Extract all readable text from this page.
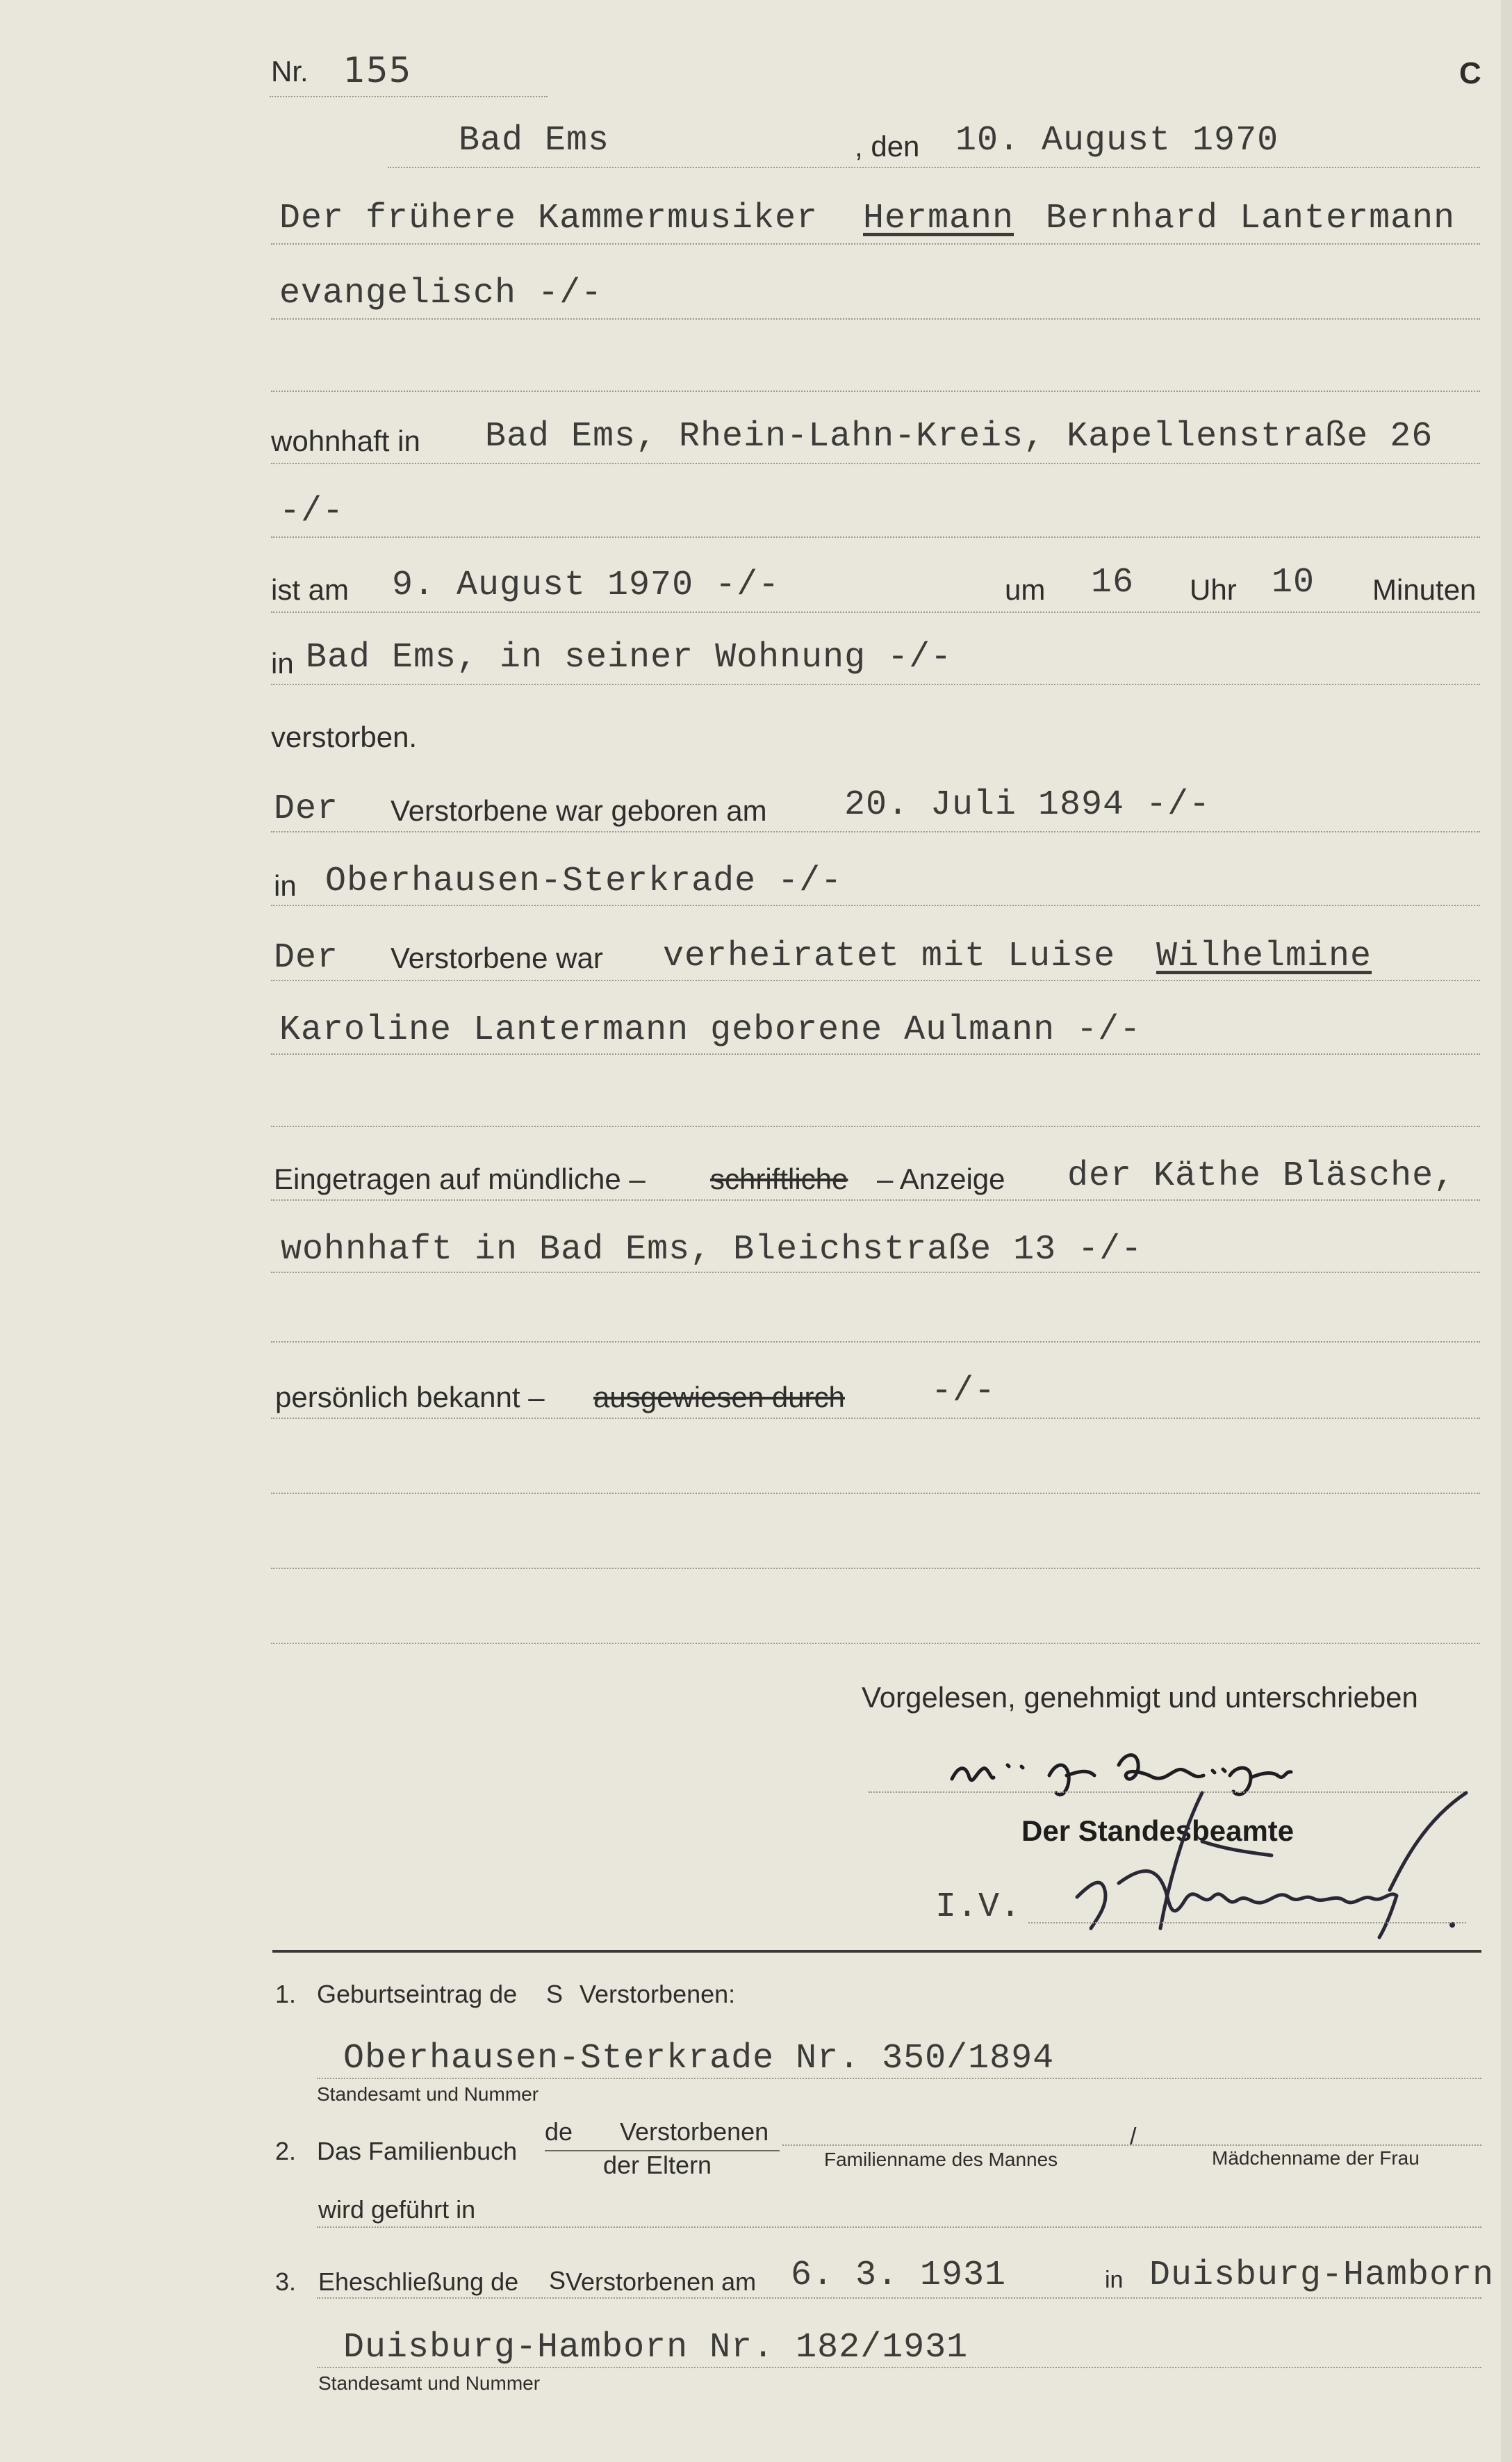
Nr. 155	C
Bad Ems	, den 10. August 1970
Der frühere Kammermusiker Hermann Bernhard Lantermann
evangelisch -/-
wohnhaft in Bad Ems, Rhein-Lahn-Kreis, Kapellenstraße 26
-/-
ist am 9. August 1970 -/-	um 16 Uhr 10 Minuten
in Bad Ems, in seiner Wohnung -/-
verstorben.
Der Verstorbene war geboren am 20. Juli 1894 -/-
in Oberhausen-Sterkrade -/-
Der Verstorbene war verheiratet mit Luise Wilhelmine
Karoline Lantermann geborene Aulmann -/-
Eingetragen auf mündliche – schriftliche – Anzeige der Käthe Bläsche,
wohnhaft in Bad Ems, Bleichstraße 13 -/-
persönlich bekannt – ausgewiesen durch -/-
Vorgelesen, genehmigt und unterschrieben
Der Standesbeamte
I.V.
1. Geburtseintrag de S Verstorbenen:
Oberhausen-Sterkrade Nr. 350/1894
Standesamt und Nummer
2. Das Familienbuch
de Verstorbenen
der Eltern	Familienname des Mannes
/
Mädchenname der Frau
wird geführt in
3. Eheschließung de S Verstorbenen am 6. 3. 1931	in Duisburg-Hamborn
Duisburg-Hamborn Nr. 182/1931
Standesamt und Nummer
